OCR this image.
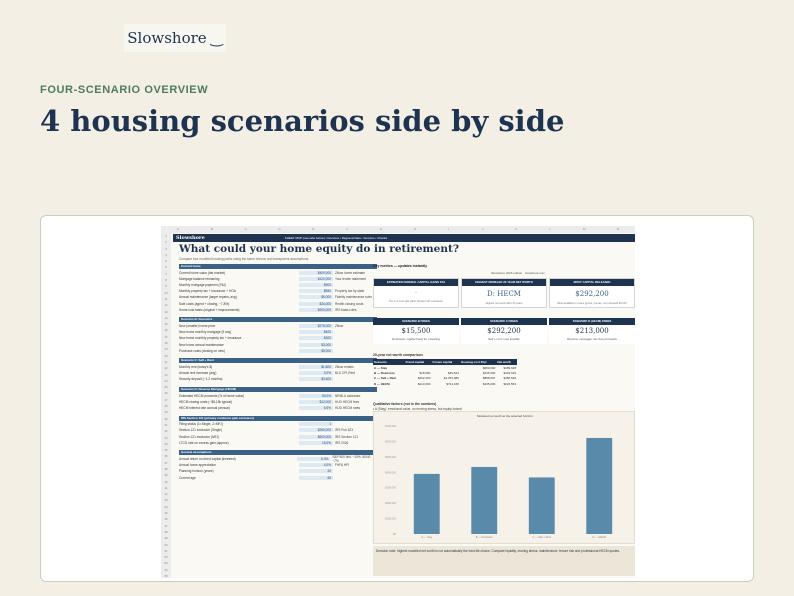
Slowshore ‿
FOUR-SCENARIO OVERVIEW
4 housing scenarios side by side
A	B	C	D	E	F	G	H	I	J	K	L	M	N
1
2
3
4
5
6
7
8
9
10
11
12
13
14
15
16
17
18
19
20
21
22
23
24
25
26
27
28
29
30
31
32
33
34
35
36
37
38
39
40
41
42
43
44
45
46
47
48
49
50
51
52
53
54
55
Slowshore	SHEET MAP (use tabs below): Overview • Regional Data • Sources • Checks
What could your home equity do in retirement?
Compare four modeled housing paths using the same horizon and transparent assumptions.
Current home
Current home value (fair market)	$400,000	Zillow home estimate
Mortgage balance remaining	$120,000	Your lender statement
Monthly mortgage payment (P&I)	$900
Monthly property tax + insurance + HOA	$650	Property tax by state
Annual maintenance (larger repairs, avg)	$6,000	Fidelity maintenance rules
Sale costs (agent + closing, ~7-8%)	$24,000	Redfin closing costs
Home cost basis (original + improvements)	$200,000	IRS basis rules
Scenario B: Downsize
New (smaller) home price	$275,000	Zillow
New home monthly mortgage (if any)	$400
New home monthly property tax + insurance	$300
New home annual maintenance	$3,000
Purchase costs (closing on new)	$5,000
Scenario C: Sell + Rent
Monthly rent (today's $)	$1,800	Zillow rentals
Annual rent increase (avg)	3.0%	BLS CPI-Rent
Security deposit (~1-2 months)	$3,600
Scenario D: Reverse Mortgage (HECM)
Estimated HECM proceeds (% of home value)	50.0%	NRMLA calculator
HECM closing costs (~$8-15k typical)	$12,000	HUD HECM fees
HECM interest rate accrual (annual)	6.5%	HUD HECM rates
IRS Section 121 (primary residence gain exclusion)
Filing status (1=Single, 2=MFJ)	1
Section 121 exclusion (Single)	$250,000	IRS Pub 523
Section 121 exclusion (MFJ)	$500,000	IRS Section 121
LTCG rate on excess gain (approx)	15.0%	IRS 2026
General assumptions
Annual return on freed capital (invested)	6.0%	S&P 500 hist. ~10%, 60/40 ~7%
Annual home appreciation	4.0%	FHFA HPI
Planning horizon (years)	20
Current age	65
Key metrics — updates instantly
Slowshore 2026 edition · slowshore.com
ESTIMATED FEDERAL CAPITAL GAINS TAX
-
Tax on home sale (after Section 121 exclusion)
HIGHEST MODELED 20-YEAR NET WORTH
D: HECM
Highest net worth after 20 years
MOST CAPITAL RELEASED
$292,200
Most available to invest (gross, pre-tax, net proceeds $CCD)
SCENARIO B FREES
$15,500
Downsize: capital freed for investing
SCENARIO C FREES
$292,200
Sell + rent: max liquidity
SCENARIO D (HECM) FREES
$213,000
Reverse mortgage: tax-free proceeds
20-year net worth comparison
Scenario	Freed capital	Grown capital	Housing cost 20yr	Net worth
A — Stay			$680,000	$389,628
B — Downsize	$15,500	$49,524	$345,000	$434,629
C — Sell + Rent	$292,200	$1,254,080	$888,007	$366,528
D — HECM	$213,000	$714,168	$435,000	$622,563
Qualitative factors (not in the numbers)
• A (Stay): emotional value, no moving stress, but equity locked
Modeled net worth at the selected horizon
$0
$100,000
$200,000
$300,000
$400,000
$500,000
$600,000
$700,000
A — Stay	B — Downsize	C — Sell + Rent	D — HECM
Decision note: highest modeled net worth is not automatically the best life choice. Compare liquidity, moving stress, maintenance, tenure risk and professional HECM quotes.
